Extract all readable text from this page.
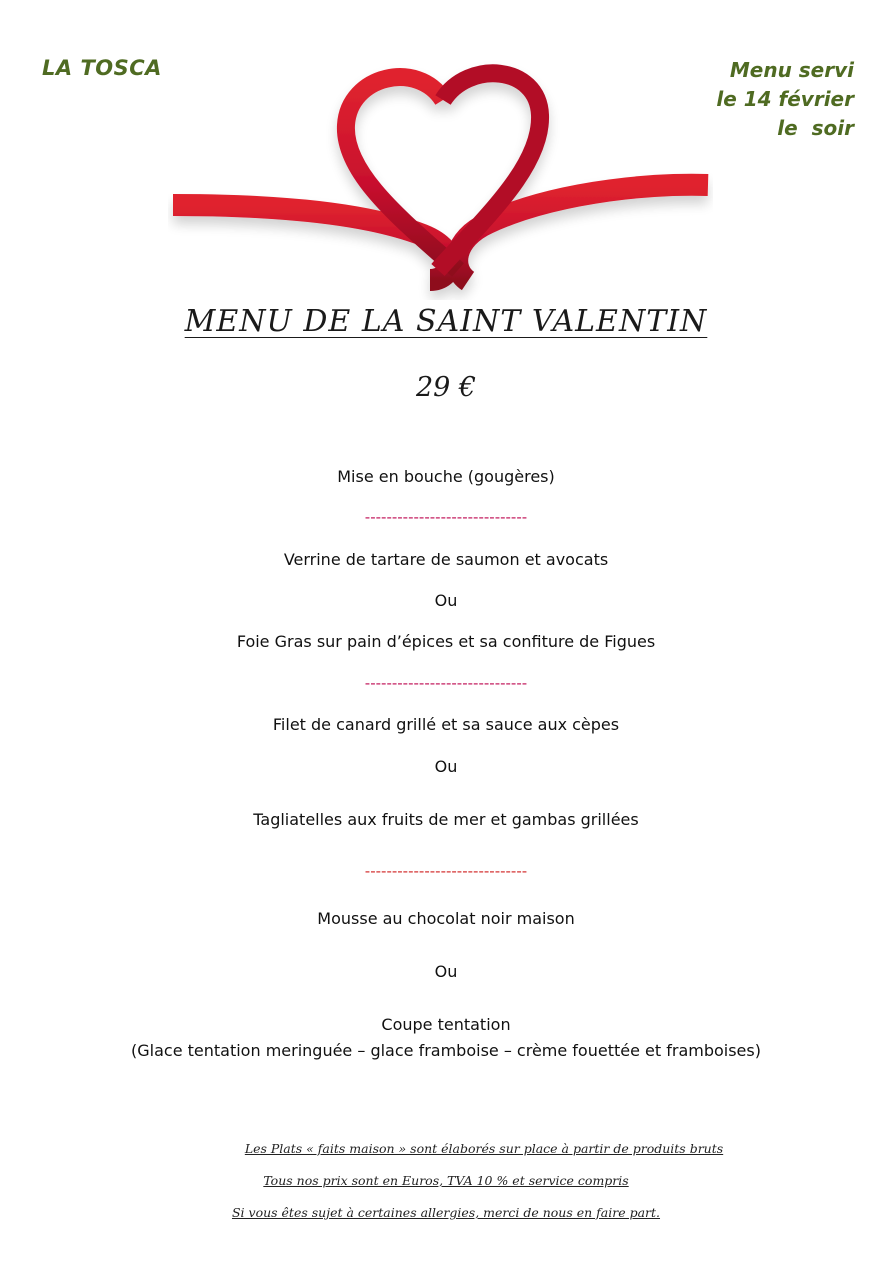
LA TOSCA	Menu servi
le 14 février
le  soir
MENU DE LA SAINT VALENTIN
29 €
Mise en bouche (gougères)
------------------------------
Verrine de tartare de saumon et avocats
Ou
Foie Gras sur pain d’épices et sa confiture de Figues
------------------------------
Filet de canard grillé et sa sauce aux cèpes
Ou
Tagliatelles aux fruits de mer et gambas grillées
------------------------------
Mousse au chocolat noir maison
Ou
Coupe tentation
(Glace tentation meringuée – glace framboise – crème fouettée et framboises)
Les Plats « faits maison » sont élaborés sur place à partir de produits bruts
Tous nos prix sont en Euros, TVA 10 % et service compris
Si vous êtes sujet à certaines allergies, merci de nous en faire part.
